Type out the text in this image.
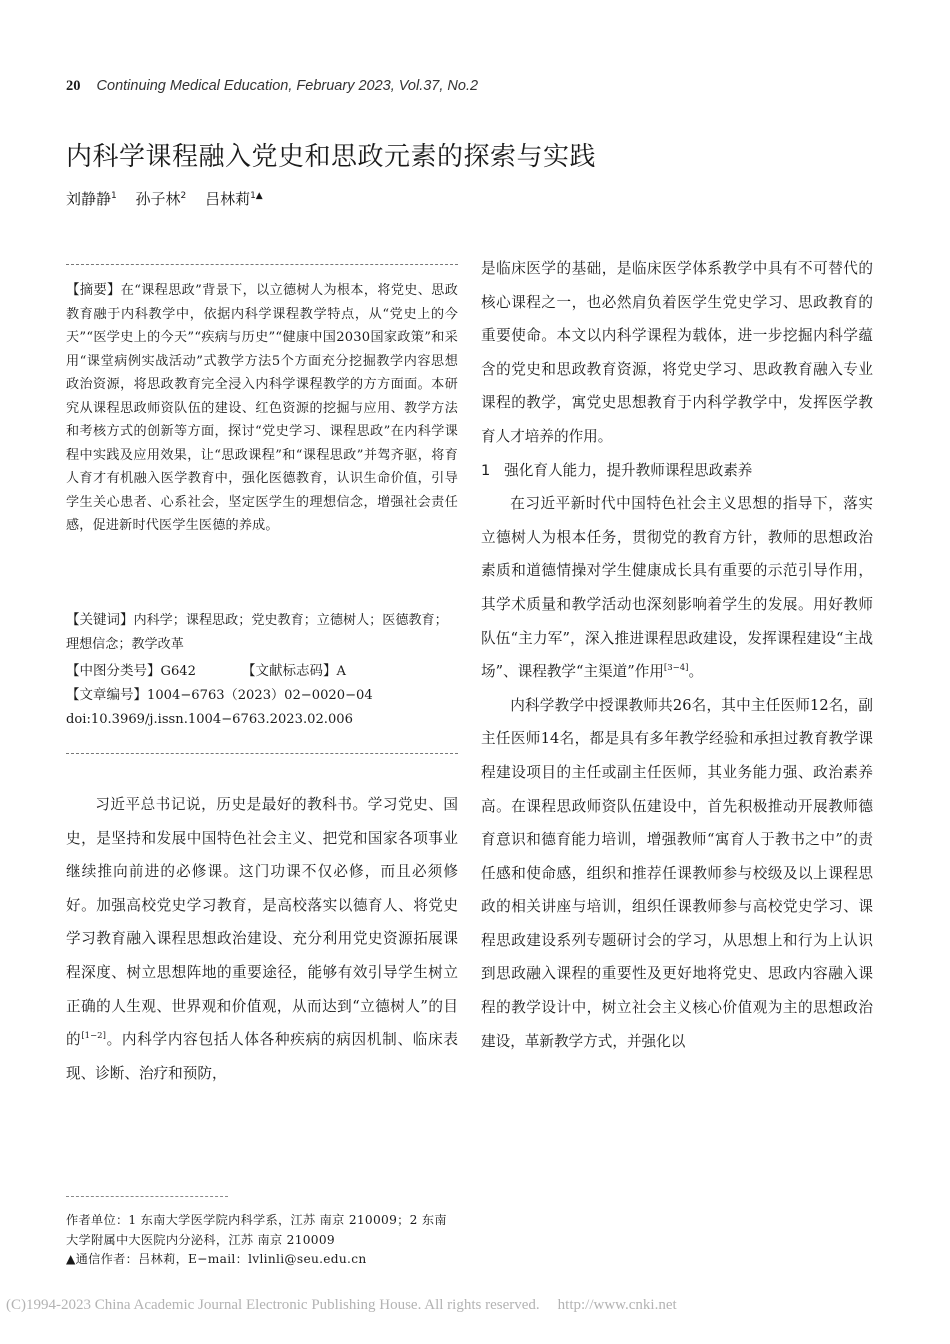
20 Continuing Medical Education, February 2023, Vol.37, No.2
内科学课程融入党史和思政元素的探索与实践
刘静静$^1$ 孙子林$^2$ 吕林莉$^{1▲}$

【摘要】在“课程思政”背景下，以立德树人为根本，将党史、思政教育融于内科教学中，依据内科学课程教学特点，从“党史上的今天”“医学史上的今天”“疾病与历史”“健康中国2030国家政策”和采用“课堂病例实战活动”式教学方法5个方面充分挖掘教学内容思想政治资源，将思政教育完全浸入内科学课程教学的方方面面。本研究从课程思政师资队伍的建设、红色资源的挖掘与应用、教学方法和考核方式的创新等方面，探讨“党史学习、课程思政”在内科学课程中实践及应用效果，让“思政课程”和“课程思政”并驾齐驱，将育人育才有机融入医学教育中，强化医德教育，认识生命价值，引导学生关心患者、心系社会，坚定医学生的理想信念，增强社会责任感，促进新时代医学生医德的养成。

【关键词】内科学；课程思政；党史教育；立德树人；医德教育；理想信念；教学改革

【中图分类号】G642	【文献标志码】A

【文章编号】1004−6763（2023）02−0020−04

doi:10.3969/j.issn.1004−6763.2023.02.006

习近平总书记说，历史是最好的教科书。学习党史、国史，是坚持和发展中国特色社会主义、把党和国家各项事业继续推向前进的必修课。这门功课不仅必修，而且必须修好。加强高校党史学习教育，是高校落实以德育人、将党史学习教育融入课程思想政治建设、充分利用党史资源拓展课程深度、树立思想阵地的重要途径，能够有效引导学生树立正确的人生观、世界观和价值观，从而达到“立德树人”的目的[1−2]。内科学内容包括人体各种疾病的病因机制、临床表现、诊断、治疗和预防，

是临床医学的基础，是临床医学体系教学中具有不可替代的核心课程之一，也必然肩负着医学生党史学习、思政教育的重要使命。本文以内科学课程为载体，进一步挖掘内科学蕴含的党史和思政教育资源，将党史学习、思政教育融入专业课程的教学，寓党史思想教育于内科学教学中，发挥医学教育人才培养的作用。

1 强化育人能力，提升教师课程思政素养

在习近平新时代中国特色社会主义思想的指导下，落实立德树人为根本任务，贯彻党的教育方针，教师的思想政治素质和道德情操对学生健康成长具有重要的示范引导作用，其学术质量和教学活动也深刻影响着学生的发展。用好教师队伍“主力军”，深入推进课程思政建设，发挥课程建设“主战场”、课程教学“主渠道”作用[3−4]。

内科学教学中授课教师共26名，其中主任医师12名，副主任医师14名，都是具有多年教学经验和承担过教育教学课程建设项目的主任或副主任医师，其业务能力强、政治素养高。在课程思政师资队伍建设中，首先积极推动开展教师德育意识和德育能力培训，增强教师“寓育人于教书之中”的责任感和使命感，组织和推荐任课教师参与校级及以上课程思政的相关讲座与培训，组织任课教师参与高校党史学习、课程思政建设系列专题研讨会的学习，从思想上和行为上认识到思政融入课程的重要性及更好地将党史、思政内容融入课程的教学设计中，树立社会主义核心价值观为主的思想政治建设，革新教学方式，并强化以

作者单位：1 东南大学医学院内科学系，江苏 南京 210009；2 东南大学附属中大医院内分泌科，江苏 南京 210009

▲通信作者：吕林莉，E−mail：lvlinli@seu.edu.cn

(C)1994-2023 China Academic Journal Electronic Publishing House. All rights reserved. http://www.cnki.net
